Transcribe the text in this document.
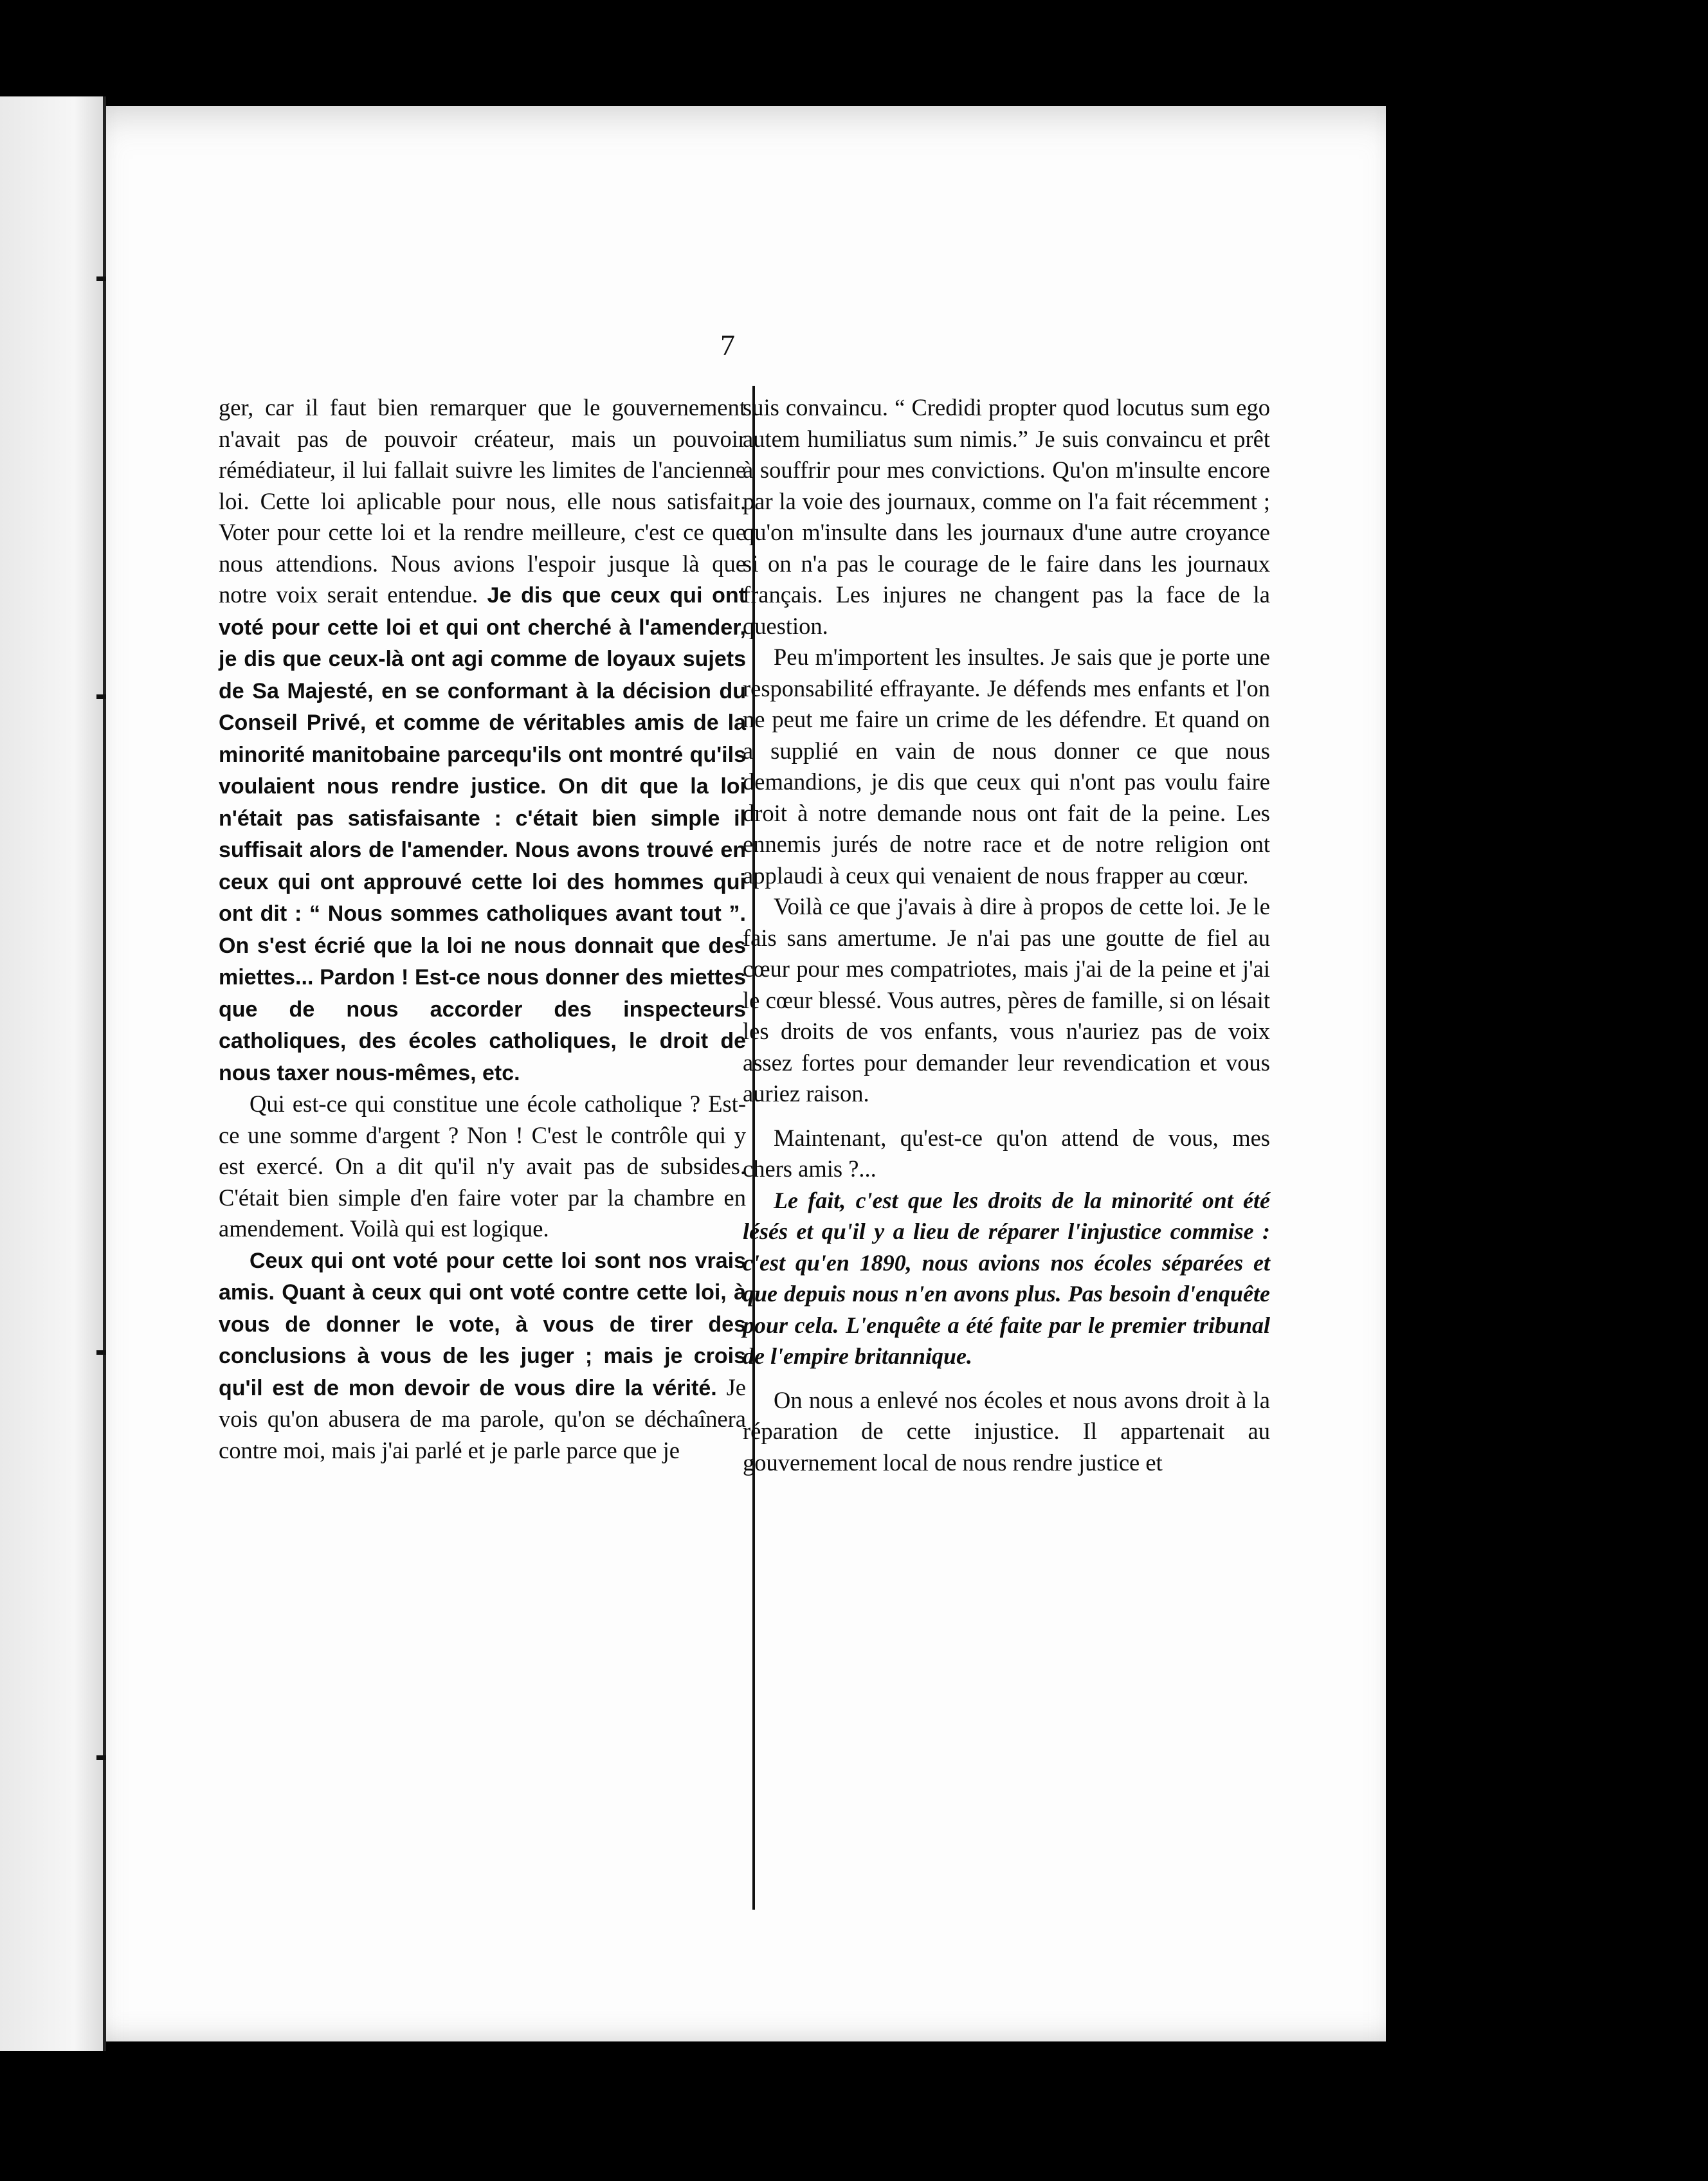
7

ger, car il faut bien remarquer que le gouvernement n'avait pas de pouvoir créateur, mais un pouvoir rémédiateur, il lui fallait suivre les limites de l'ancienne loi. Cette loi aplicable pour nous, elle nous satisfait. Voter pour cette loi et la rendre meilleure, c'est ce que nous attendions. Nous avions l'espoir jusque là que notre voix serait entendue. Je dis que ceux qui ont voté pour cette loi et qui ont cherché à l'amender, je dis que ceux-là ont agi comme de loyaux sujets de Sa Majesté, en se conformant à la décision du Conseil Privé, et comme de véritables amis de la minorité manitobaine parcequ'ils ont montré qu'ils voulaient nous rendre justice. On dit que la loi n'était pas satisfaisante : c'était bien simple il suffisait alors de l'amender. Nous avons trouvé en ceux qui ont approuvé cette loi des hommes qui ont dit : “ Nous sommes catholiques avant tout ”. On s'est écrié que la loi ne nous donnait que des miettes... Pardon ! Est-ce nous donner des miettes que de nous accorder des inspecteurs catholiques, des écoles catholiques, le droit de nous taxer nous-mêmes, etc.

Qui est-ce qui constitue une école catholique ? Est-ce une somme d'argent ? Non ! C'est le contrôle qui y est exercé. On a dit qu'il n'y avait pas de subsides. C'était bien simple d'en faire voter par la chambre en amendement. Voilà qui est logique.

Ceux qui ont voté pour cette loi sont nos vrais amis. Quant à ceux qui ont voté contre cette loi, à vous de donner le vote, à vous de tirer des conclusions à vous de les juger ; mais je crois qu'il est de mon devoir de vous dire la vérité. Je vois qu'on abusera de ma parole, qu'on se déchaînera contre moi, mais j'ai parlé et je parle parce que je

suis convaincu. “ Credidi propter quod locutus sum ego autem humiliatus sum nimis.” Je suis convaincu et prêt à souffrir pour mes convictions. Qu'on m'insulte encore par la voie des journaux, comme on l'a fait récemment ; qu'on m'insulte dans les journaux d'une autre croyance si on n'a pas le courage de le faire dans les journaux français. Les injures ne changent pas la face de la question.

Peu m'importent les insultes. Je sais que je porte une responsabilité effrayante. Je défends mes enfants et l'on ne peut me faire un crime de les défendre. Et quand on a supplié en vain de nous donner ce que nous demandions, je dis que ceux qui n'ont pas voulu faire droit à notre demande nous ont fait de la peine. Les ennemis jurés de notre race et de notre religion ont applaudi à ceux qui venaient de nous frapper au cœur.

Voilà ce que j'avais à dire à propos de cette loi. Je le fais sans amertume. Je n'ai pas une goutte de fiel au cœur pour mes compatriotes, mais j'ai de la peine et j'ai le cœur blessé. Vous autres, pères de famille, si on lésait les droits de vos enfants, vous n'auriez pas de voix assez fortes pour demander leur revendication et vous auriez raison.

Maintenant, qu'est-ce qu'on attend de vous, mes chers amis ?...

Le fait, c'est que les droits de la minorité ont été lésés et qu'il y a lieu de réparer l'injustice commise : c'est qu'en 1890, nous avions nos écoles séparées et que depuis nous n'en avons plus. Pas besoin d'enquête pour cela. L'enquête a été faite par le premier tribunal de l'empire britannique.

On nous a enlevé nos écoles et nous avons droit à la réparation de cette injustice. Il appartenait au gouvernement local de nous rendre justice et
